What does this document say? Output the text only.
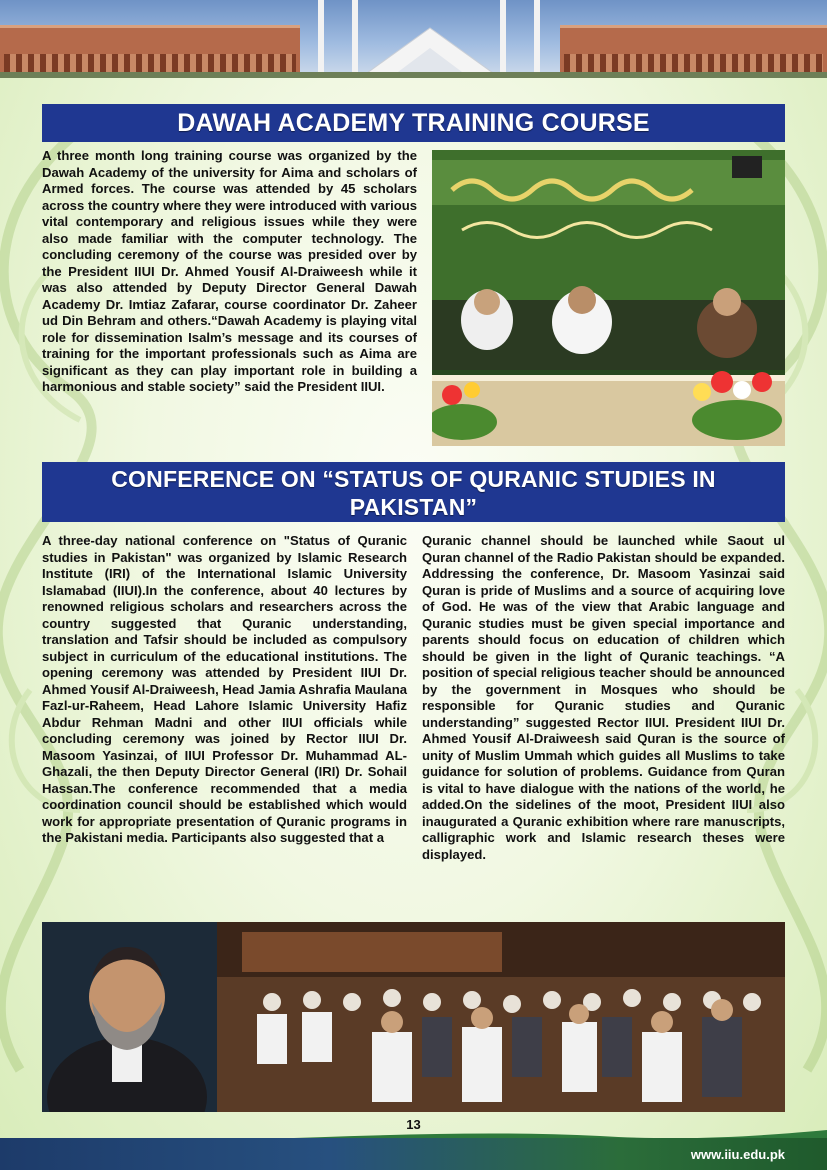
DAWAH ACADEMY TRAINING COURSE
A three month long training course was organized by the Dawah Academy of the university for Aima and scholars of Armed forces. The course was attended by 45 scholars across the country where they were introduced with various vital contemporary and religious issues while they were also made familiar with the computer technology. The concluding ceremony of the course was presided over by the President IIUI Dr. Ahmed Yousif Al-Draiweesh while it was also attended by Deputy Director General Dawah Academy Dr. Imtiaz Zafarar, course coordinator Dr. Zaheer ud Din Behram and others.“Dawah Academy is playing vital role for dissemination Isalm’s message and its courses of training for the important professionals such as Aima are significant as they can play important role in building a harmonious and stable society” said the President IIUI.
CONFERENCE ON “STATUS OF QURANIC STUDIES IN
PAKISTAN”
A three-day national conference on "Status of Quranic studies in Pakistan" was organized by Islamic Research Institute (IRI) of the International Islamic University Islamabad (IIUI).In the conference, about 40 lectures by renowned religious scholars and researchers across the country suggested that Quranic understanding, translation and Tafsir should be included as compulsory subject in curriculum of the educational institutions. The opening ceremony was attended by President IIUI Dr. Ahmed Yousif Al-Draiweesh, Head Jamia Ashrafia Maulana Fazl-ur-Raheem, Head Lahore Islamic University Hafiz Abdur Rehman Madni and other IIUI officials while concluding ceremony was joined by Rector IIUI Dr. Masoom Yasinzai, of IIUI Professor Dr. Muhammad AL-Ghazali, the then Deputy Director General (IRI) Dr. Sohail Hassan.The conference recommended that a media coordination council should be established which would work for appropriate presentation of Quranic programs in the Pakistani media. Participants also suggested that a
Quranic channel should be launched while Saout ul Quran channel of the Radio Pakistan should be expanded. Addressing the conference, Dr. Masoom Yasinzai said Quran is pride of Muslims and a source of acquiring love of God. He was of the view that Arabic language and Quranic studies must be given special importance and parents should focus on education of children which should be given in the light of Quranic teachings. “A position of special religious teacher should be announced by the government in Mosques who should be responsible for Quranic studies and Quranic understanding” suggested Rector IIUI. President IIUI Dr. Ahmed Yousif Al-Draiweesh said Quran is the source of unity of Muslim Ummah which guides all Muslims to take guidance for solution of problems. Guidance from Quran is vital to have dialogue with the nations of the world, he added.On the sidelines of the moot, President IIUI also inaugurated a Quranic exhibition where rare manuscripts, calligraphic work and Islamic research theses were displayed.
13
www.iiu.edu.pk
